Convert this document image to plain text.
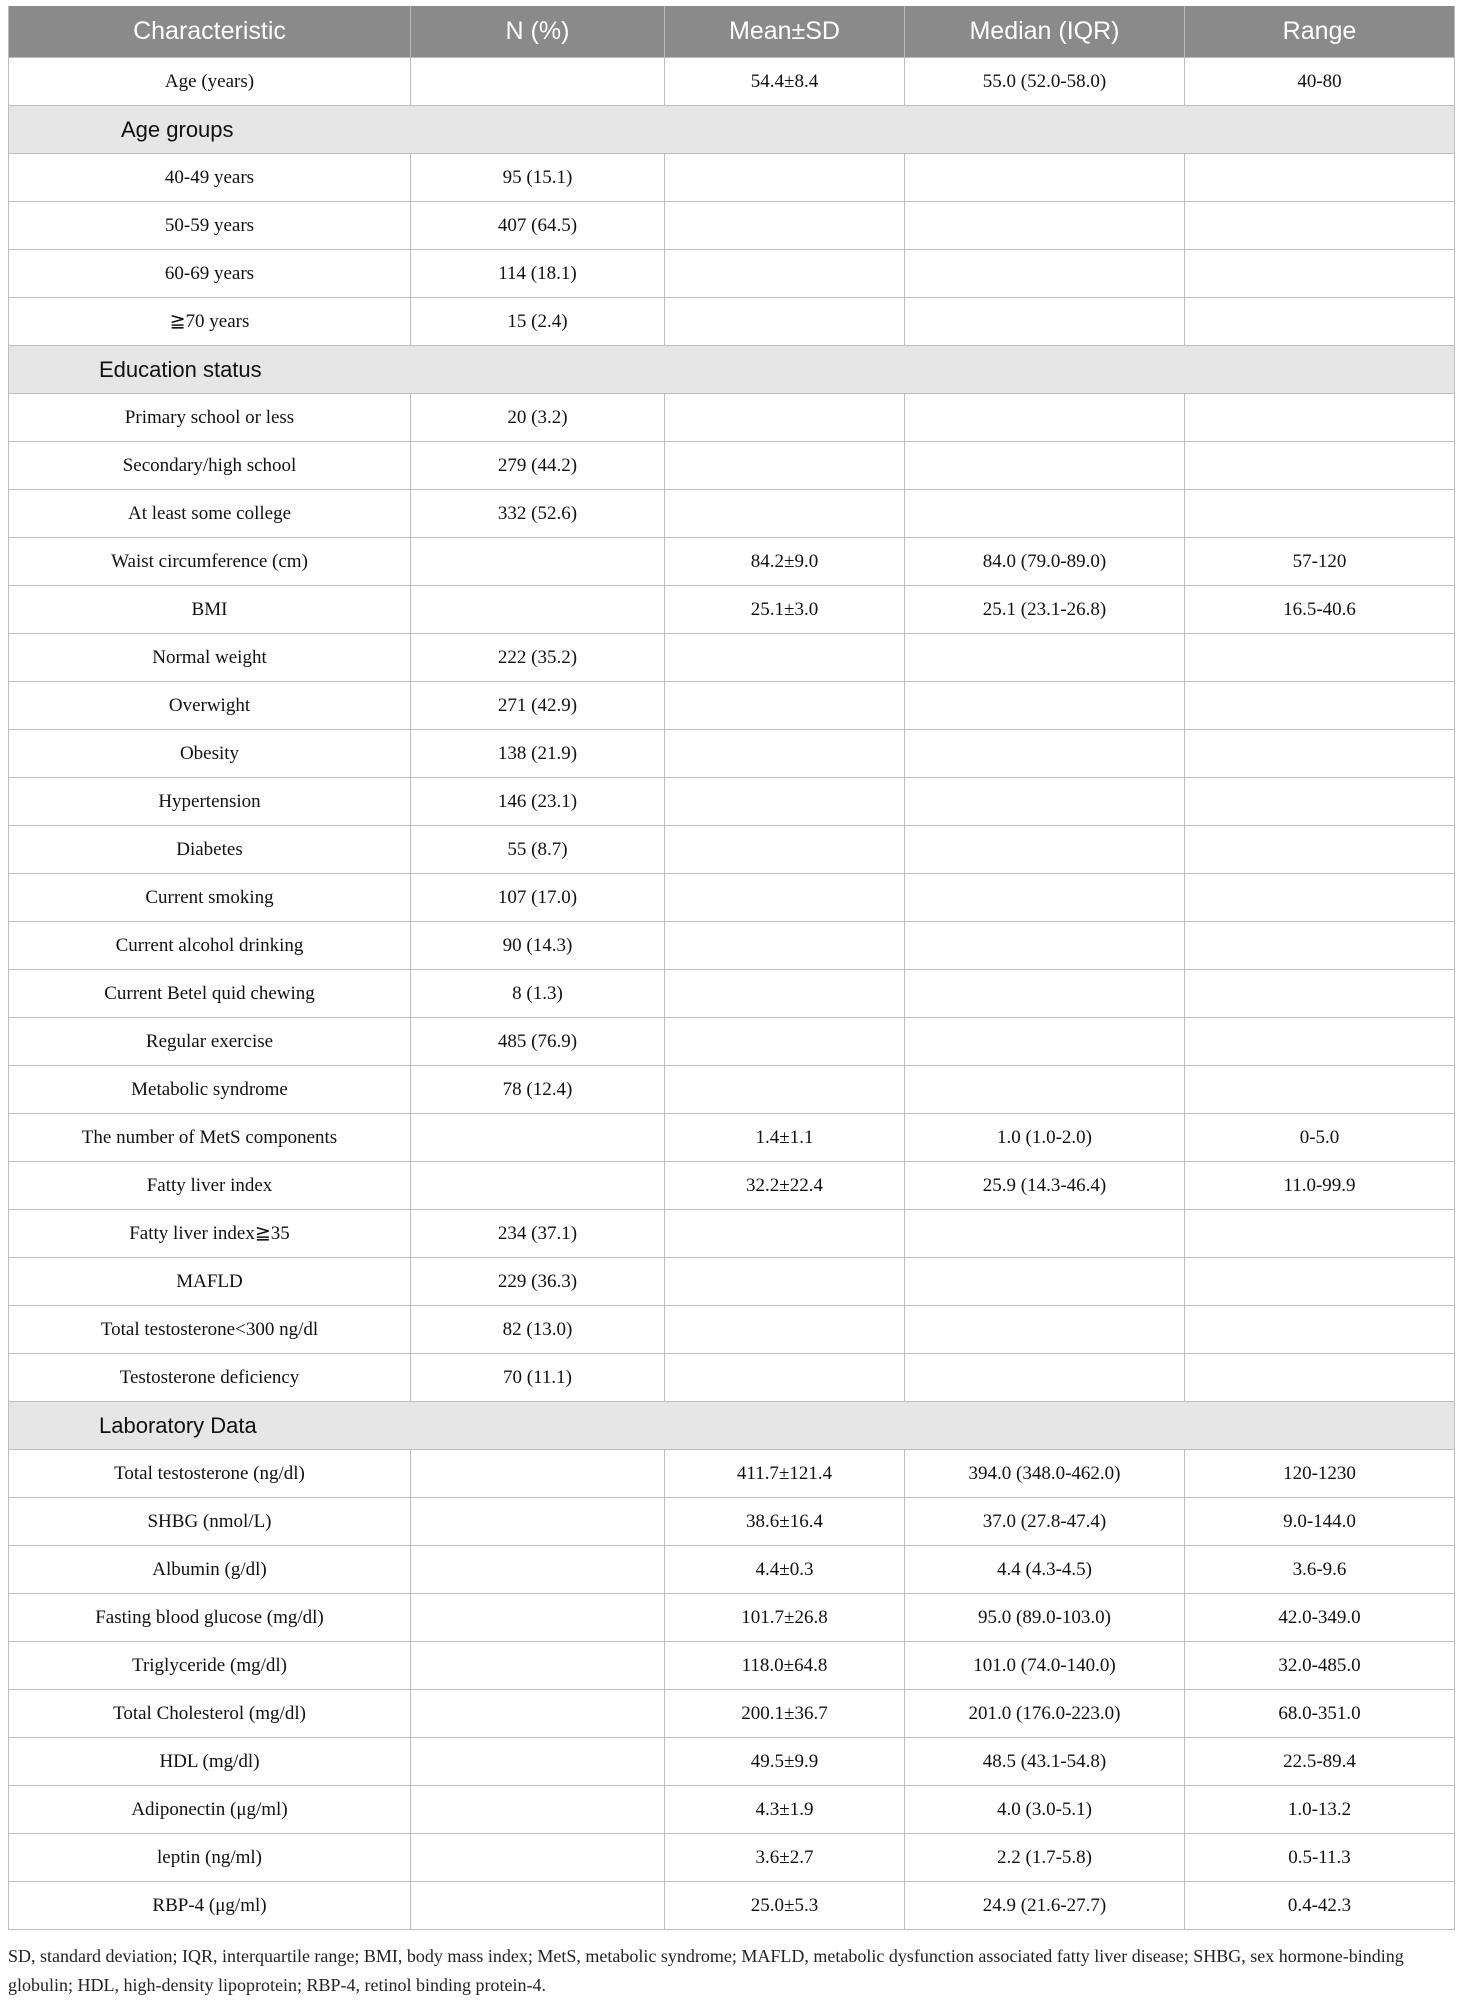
Characteristic	N (%)	Mean±SD	Median (IQR)	Range
Age (years)		54.4±8.4	55.0 (52.0-58.0)	40-80
Age groups				
40-49 years	95 (15.1)			
50-59 years	407 (64.5)			
60-69 years	114 (18.1)			
≧70 years	15 (2.4)			
Education status				
Primary school or less	20 (3.2)			
Secondary/high school	279 (44.2)			
At least some college	332 (52.6)			
Waist circumference (cm)		84.2±9.0	84.0 (79.0-89.0)	57-120
BMI		25.1±3.0	25.1 (23.1-26.8)	16.5-40.6
Normal weight	222 (35.2)			
Overwight	271 (42.9)			
Obesity	138 (21.9)			
Hypertension	146 (23.1)			
Diabetes	55 (8.7)			
Current smoking	107 (17.0)			
Current alcohol drinking	90 (14.3)			
Current Betel quid chewing	8 (1.3)			
Regular exercise	485 (76.9)			
Metabolic syndrome	78 (12.4)			
The number of MetS components		1.4±1.1	1.0 (1.0-2.0)	0-5.0
Fatty liver index		32.2±22.4	25.9 (14.3-46.4)	11.0-99.9
Fatty liver index≧35	234 (37.1)			
MAFLD	229 (36.3)			
Total testosterone<300 ng/dl	82 (13.0)			
Testosterone deficiency	70 (11.1)			
Laboratory Data				
Total testosterone (ng/dl)		411.7±121.4	394.0 (348.0-462.0)	120-1230
SHBG (nmol/L)		38.6±16.4	37.0 (27.8-47.4)	9.0-144.0
Albumin (g/dl)		4.4±0.3	4.4 (4.3-4.5)	3.6-9.6
Fasting blood glucose (mg/dl)		101.7±26.8	95.0 (89.0-103.0)	42.0-349.0
Triglyceride (mg/dl)		118.0±64.8	101.0 (74.0-140.0)	32.0-485.0
Total Cholesterol (mg/dl)		200.1±36.7	201.0 (176.0-223.0)	68.0-351.0
HDL (mg/dl)		49.5±9.9	48.5 (43.1-54.8)	22.5-89.4
Adiponectin (μg/ml)		4.3±1.9	4.0 (3.0-5.1)	1.0-13.2
leptin (ng/ml)		3.6±2.7	2.2 (1.7-5.8)	0.5-11.3
RBP-4 (μg/ml)		25.0±5.3	24.9 (21.6-27.7)	0.4-42.3
SD, standard deviation; IQR, interquartile range; BMI, body mass index; MetS, metabolic syndrome; MAFLD, metabolic dysfunction associated fatty liver disease; SHBG, sex hormone-binding globulin; HDL, high-density lipoprotein; RBP-4, retinol binding protein-4.
